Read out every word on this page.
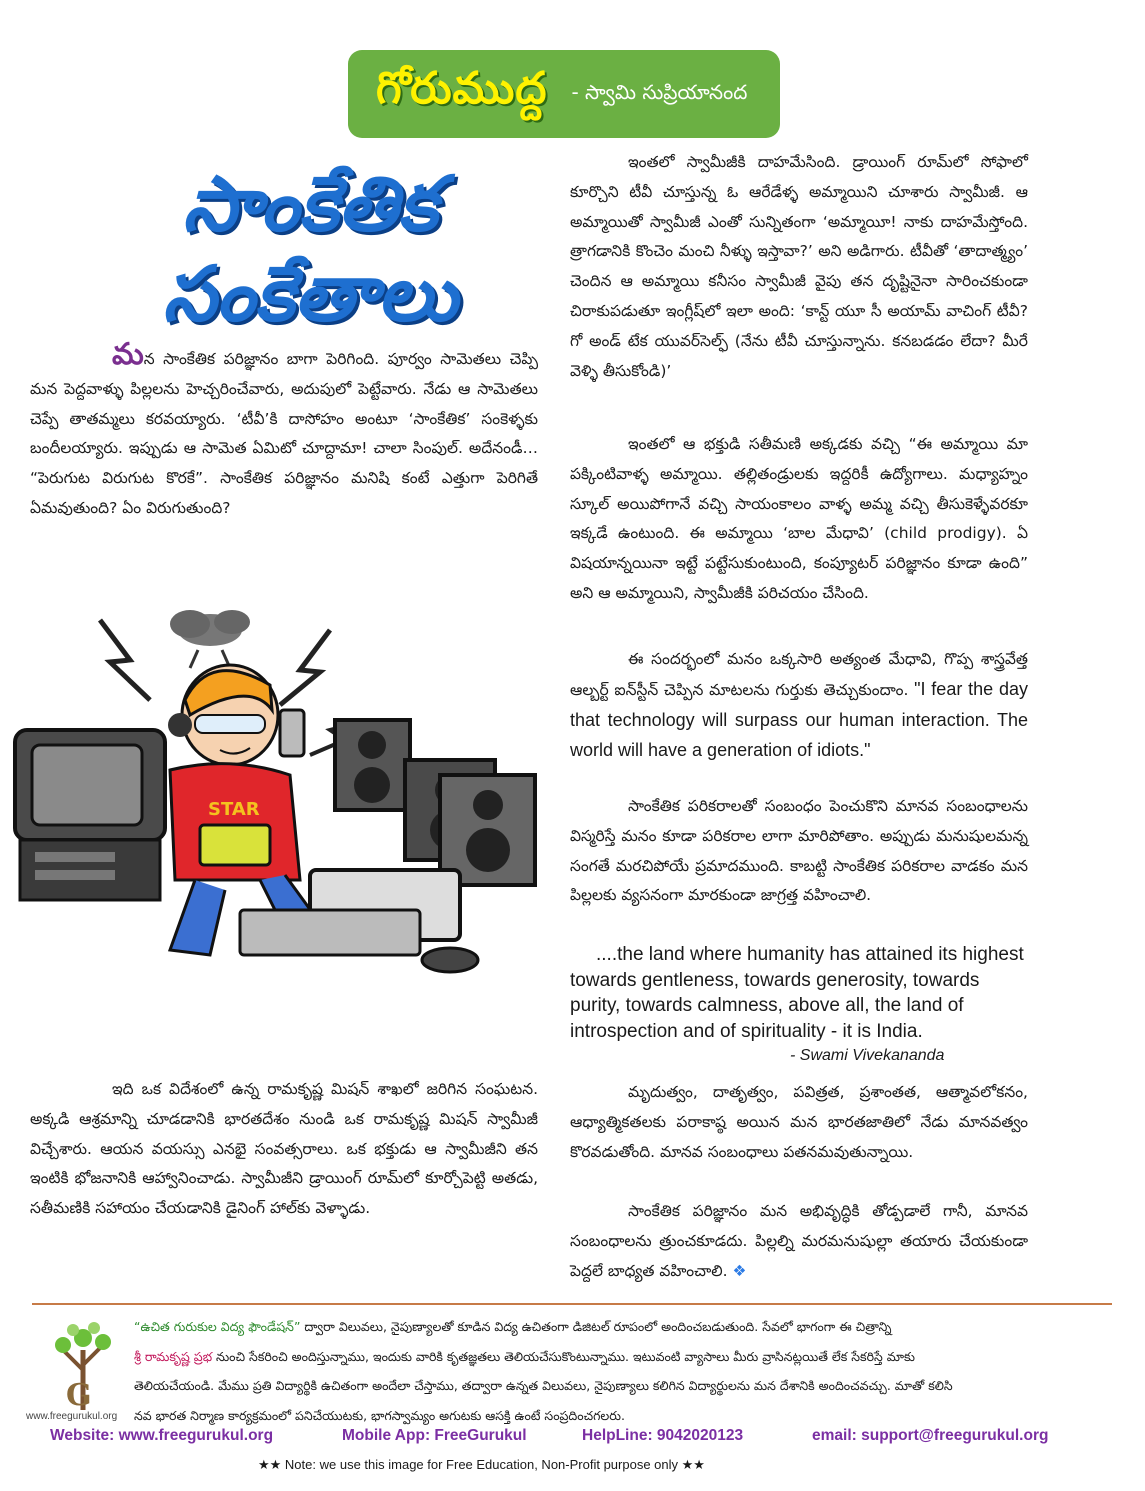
గోరుముద్ద - స్వామి సుప్రియానంద
సాంకేతిక
సంకేతాలు
మన సాంకేతిక పరిజ్ఞానం బాగా పెరిగింది. పూర్వం సామెతలు చెప్పి మన పెద్దవాళ్ళు పిల్లలను హెచ్చరించేవారు, అదుపులో పెట్టేవారు. నేడు ఆ సామెతలు చెప్పే తాతమ్మలు కరవయ్యారు. ‘టీవీ’కి దాసోహం అంటూ ‘సాంకేతిక’ సంకెళ్ళకు బందీలయ్యారు. ఇప్పుడు ఆ సామెత ఏమిటో చూద్దామా! చాలా సింపుల్. అదేనండీ… “పెరుగుట విరుగుట కొరకే”. సాంకేతిక పరిజ్ఞానం మనిషి కంటే ఎత్తుగా పెరిగితే ఏమవుతుంది? ఏం విరుగుతుంది?
STAR
ఇది ఒక విదేశంలో ఉన్న రామకృష్ణ మిషన్ శాఖలో జరిగిన సంఘటన. అక్కడి ఆశ్రమాన్ని చూడడానికి భారతదేశం నుండి ఒక రామకృష్ణ మిషన్ స్వామీజీ విచ్చేశారు. ఆయన వయస్సు ఎనభై సంవత్సరాలు. ఒక భక్తుడు ఆ స్వామీజీని తన ఇంటికి భోజనానికి ఆహ్వానించాడు. స్వామీజీని డ్రాయింగ్ రూమ్‌లో కూర్చోపెట్టి అతడు, సతీమణికి సహాయం చేయడానికి డైనింగ్ హాల్‌కు వెళ్ళాడు.
ఇంతలో స్వామీజీకి దాహమేసింది. డ్రాయింగ్ రూమ్‌లో సోఫాలో కూర్చొని టీవీ చూస్తున్న ఓ ఆరేడేళ్ళ అమ్మాయిని చూశారు స్వామీజీ. ఆ అమ్మాయితో స్వామీజీ ఎంతో సున్నితంగా ‘అమ్మాయీ! నాకు దాహమేస్తోంది. త్రాగడానికి కొంచెం మంచి నీళ్ళు ఇస్తావా?’ అని అడిగారు. టీవీతో ‘తాదాత్మ్యం’ చెందిన ఆ అమ్మాయి కనీసం స్వామీజీ వైపు తన దృష్టినైనా సారించకుండా చిరాకుపడుతూ ఇంగ్లీష్‌లో ఇలా అంది: ‘కాన్ట్ యూ సీ అయామ్ వాచింగ్ టీవీ? గో అండ్ టేక యువర్‌సెల్ఫ్ (నేను టీవీ చూస్తున్నాను. కనబడడం లేదా? మీరే వెళ్ళి తీసుకోండి)’
ఇంతలో ఆ భక్తుడి సతీమణి అక్కడకు వచ్చి “ఈ అమ్మాయి మా పక్కింటివాళ్ళ అమ్మాయి. తల్లితండ్రులకు ఇద్దరికీ ఉద్యోగాలు. మధ్యాహ్నం స్కూల్ అయిపోగానే వచ్చి సాయంకాలం వాళ్ళ అమ్మ వచ్చి తీసుకెళ్ళేవరకూ ఇక్కడే ఉంటుంది. ఈ అమ్మాయి ‘బాల మేధావి’ (child prodigy). ఏ విషయాన్నయినా ఇట్టే పట్టేసుకుంటుంది, కంప్యూటర్ పరిజ్ఞానం కూడా ఉంది” అని ఆ అమ్మాయిని, స్వామీజీకి పరిచయం చేసింది.
ఈ సందర్భంలో మనం ఒక్కసారి అత్యంత మేధావి, గొప్ప శాస్త్రవేత్త ఆల్బర్ట్ ఐన్‌స్టీన్ చెప్పిన మాటలను గుర్తుకు తెచ్చుకుందాం. "I fear the day that technology will surpass our human interaction. The world will have a generation of idiots."
సాంకేతిక పరికరాలతో సంబంధం పెంచుకొని మానవ సంబంధాలను విస్మరిస్తే మనం కూడా పరికరాల లాగా మారిపోతాం. అప్పుడు మనుషులమన్న సంగతే మరచిపోయే ప్రమాదముంది. కాబట్టి సాంకేతిక పరికరాల వాడకం మన పిల్లలకు వ్యసనంగా మారకుండా జాగ్రత్త వహించాలి.
....the land where humanity has attained its highest towards gentleness, towards generosity, towards purity, towards calmness, above all, the land of introspection and of spirituality - it is India.
- Swami Vivekananda
మృదుత్వం, దాతృత్వం, పవిత్రత, ప్రశాంతత, ఆత్మావలోకనం, ఆధ్యాత్మికతలకు పరాకాష్ఠ అయిన మన భారతజాతిలో నేడు మానవత్వం కొరవడుతోంది. మానవ సంబంధాలు పతనమవుతున్నాయి.
సాంకేతిక పరిజ్ఞానం మన అభివృద్ధికి తోడ్పడాలే గానీ, మానవ సంబంధాలను త్రుంచకూడదు. పిల్లల్ని మరమనుషుల్లా తయారు చేయకుండా పెద్దలే బాధ్యత వహించాలి. ❖
G
www.freegurukul.org
“ఉచిత గురుకుల విద్య ఫౌండేషన్” ద్వారా విలువలు, నైపుణ్యాలతో కూడిన విద్య ఉచితంగా డిజిటల్ రూపంలో అందించబడుతుంది. సేవలో భాగంగా ఈ చిత్రాన్ని
శ్రీ రామకృష్ణ ప్రభ నుంచి సేకరించి అందిస్తున్నాము, ఇందుకు వారికి కృతజ్ఞతలు తెలియచేసుకొంటున్నాము. ఇటువంటి వ్యాసాలు మీరు వ్రాసినట్లయితే లేక సేకరిస్తే మాకు
తెలియచేయండి. మేము ప్రతి విద్యార్థికి ఉచితంగా అందేలా చేస్తాము, తద్వారా ఉన్నత విలువలు, నైపుణ్యాలు కలిగిన విద్యార్థులను మన దేశానికి అందించవచ్చు. మాతో కలిసి
నవ భారత నిర్మాణ కార్యక్రమంలో పనిచేయుటకు, భాగస్వామ్యం అగుటకు ఆసక్తి ఉంటే సంప్రదించగలరు.
Website: www.freegurukul.org	Mobile App: FreeGurukul	HelpLine: 9042020123	email: support@freegurukul.org
★★ Note: we use this image for Free Education, Non-Profit purpose only ★★
